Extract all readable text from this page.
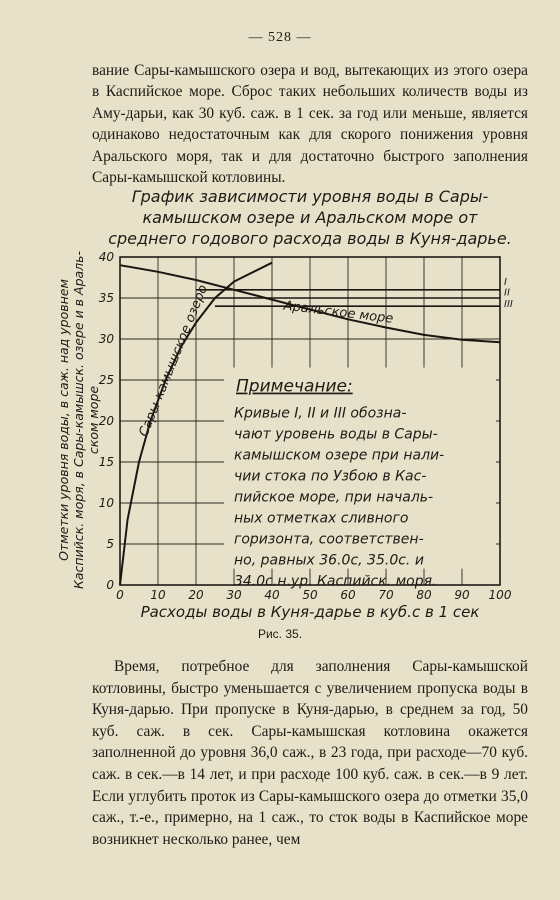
— 528 —
вание Сары-камышского озера и вод, вытекающих из этого озера в Каспийское море. Сброс таких небольших количеств воды из Аму-дарьи, как 30 куб. саж. в 1 сек. за год или меньше, является одинаково недостаточным как для скорого понижения уровня Аральского моря, так и для достаточно быстрого заполнения Сары-камышской котловины.
0 10 20 30 40 50 60 70 80 90 100
0
5
10
15
20
25
30
35
40
График зависимости уровня воды в Сары-
камышском озере и Аральском море от
среднего годового расхода воды в Куня-дарье.
Отметки уровня воды, в саж. над уровнем Каспийск. моря, в Сары-камышск. озере и в Араль- ском море
Расходы воды в Куня-дарье в куб.с в 1 сек
Сары-камышское озеро	Аральское море
I
II
III
Примечание:
Кривые I, II и III обозна-
чают уровень воды в Сары-
камышском озере при нали-
чии стока по Узбою в Кас-
пийское море, при началь-
ных отметках сливного
горизонта, соответствен-
но, равных 36.0с, 35.0с. и
34.0с.н.ур. Каспийск. моря.
Рис. 35.
Время, потребное для заполнения Сары-камышской котловины, быстро уменьшается с увеличением пропуска воды в Куня-дарью. При пропуске в Куня-дарью, в среднем за год, 50 куб. саж. в сек. Сары-камышская котловина окажется заполненной до уровня 36,0 саж., в 23 года, при расходе—70 куб. саж. в сек.—в 14 лет, и при расходе 100 куб. саж. в сек.—в 9 лет. Если углубить проток из Сары-камышского озера до отметки 35,0 саж., т.-е., примерно, на 1 саж., то сток воды в Каспийское море возникнет несколько ранее, чем
